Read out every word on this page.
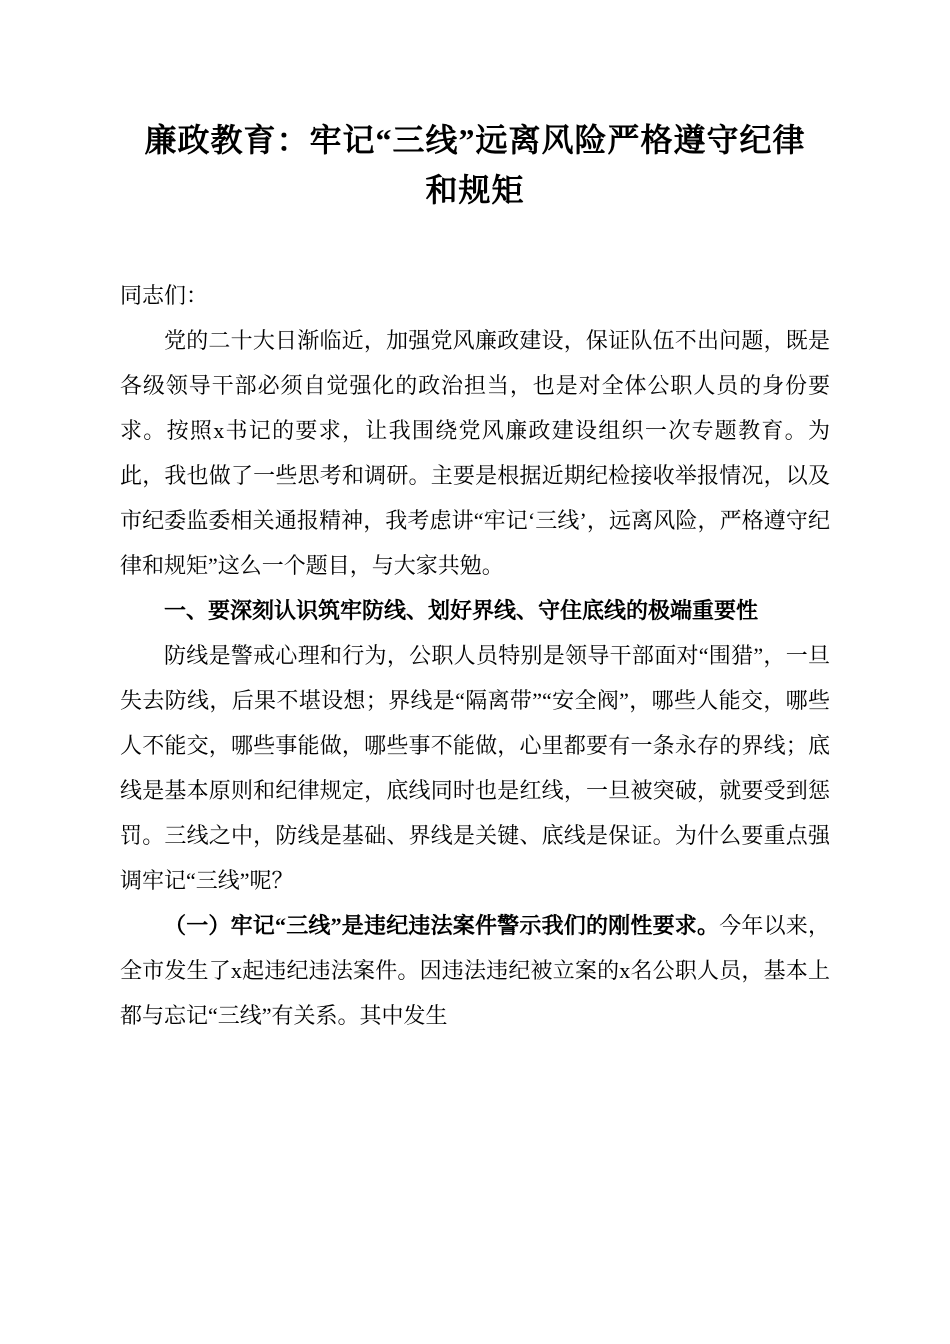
廉政教育：牢记“三线”远离风险严格遵守纪律和规矩

同志们：

党的二十大日渐临近，加强党风廉政建设，保证队伍不出问题，既是各级领导干部必须自觉强化的政治担当，也是对全体公职人员的身份要求。按照x书记的要求，让我围绕党风廉政建设组织一次专题教育。为此，我也做了一些思考和调研。主要是根据近期纪检接收举报情况，以及市纪委监委相关通报精神，我考虑讲“牢记‘三线’，远离风险，严格遵守纪律和规矩”这么一个题目，与大家共勉。

一、要深刻认识筑牢防线、划好界线、守住底线的极端重要性

防线是警戒心理和行为，公职人员特别是领导干部面对“围猎”，一旦失去防线，后果不堪设想；界线是“隔离带”“安全阀”，哪些人能交，哪些人不能交，哪些事能做，哪些事不能做，心里都要有一条永存的界线；底线是基本原则和纪律规定，底线同时也是红线，一旦被突破，就要受到惩罚。三线之中，防线是基础、界线是关键、底线是保证。为什么要重点强调牢记“三线”呢？

（一）牢记“三线”是违纪违法案件警示我们的刚性要求。今年以来，全市发生了x起违纪违法案件。因违法违纪被立案的x名公职人员，基本上都与忘记“三线”有关系。其中发生
